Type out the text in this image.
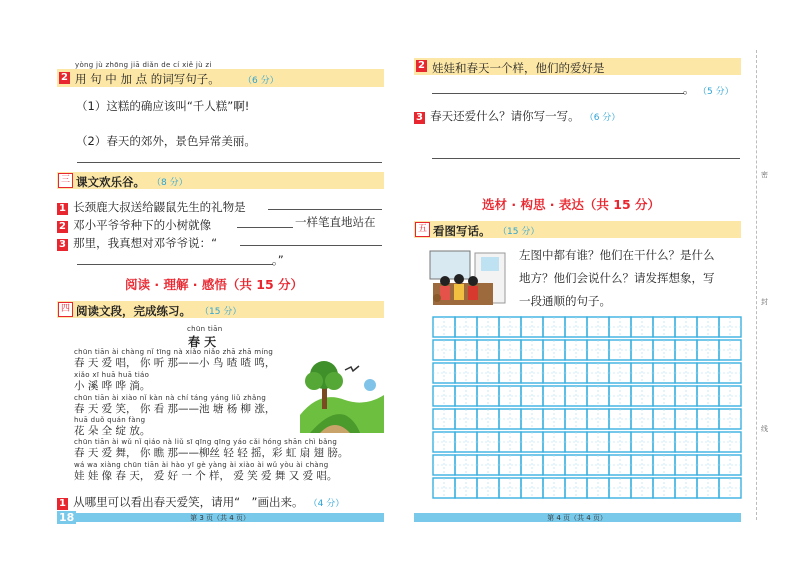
yòng jù zhōng jiā diǎn de cí xiě jù zi
2 用 句 中 加 点 的词写句子。	（6 分）
（1）这糕的确应该叫“千人糕”啊!
（2）春天的郊外，景色异常美丽。
三 课文欢乐谷。 （8 分）
1 长颈鹿大叔送给鼹鼠先生的礼物是
2 邓小平爷爷种下的小树就像	一样笔直地站在
3 那里，我真想对邓爷爷说：“
。”
阅读 · 理解 · 感悟（共 15 分）
四 阅读文段，完成练习。 （15 分）
chūn tiān
春 天
chūn tiān ài chàng nǐ tīng nà xiǎo niǎo zhā zhā míng
春 天 爱 唱， 你 听 那——小 鸟 喳 喳 鸣，
xiǎo xī huā huā tiáo
小 溪 哗 哗 淌。
chūn tiān ài xiào nǐ kàn nà chí táng yáng liǔ zhǎng
春 天 爱 笑， 你 看 那——池 塘 杨 柳 涨，
huā duǒ quán fàng
花 朵 全 绽 放。
chūn tiān ài wǔ nǐ qiáo nà liǔ sī qīng qīng yáo cǎi hóng shān chì bǎng
春 天 爱 舞， 你 瞧 那——柳丝 轻 轻 摇，彩 虹 扇 翅 膀。
wá wa xiàng chūn tiān ài hào yī gè yàng ài xiào ài wǔ yòu ài chàng
娃 娃 像 春 天， 爱 好 一 个 样， 爱 笑 爱 舞 又 爱 唱。
1 从哪里可以看出春天爱笑，请用“　”画出来。 （4 分）
18	第 3 页（共 4 页）
2 娃娃和春天一个样，他们的爱好是
。 （5 分）
3 春天还爱什么？请你写一写。 （6 分）
选材 · 构思 · 表达（共 15 分）
五 看图写话。 （15 分）
左图中都有谁？他们在干什么？是什么
地方？他们会说什么？请发挥想象，写
一段通顺的句子。
第 4 页（共 4 页）
密
封
线
